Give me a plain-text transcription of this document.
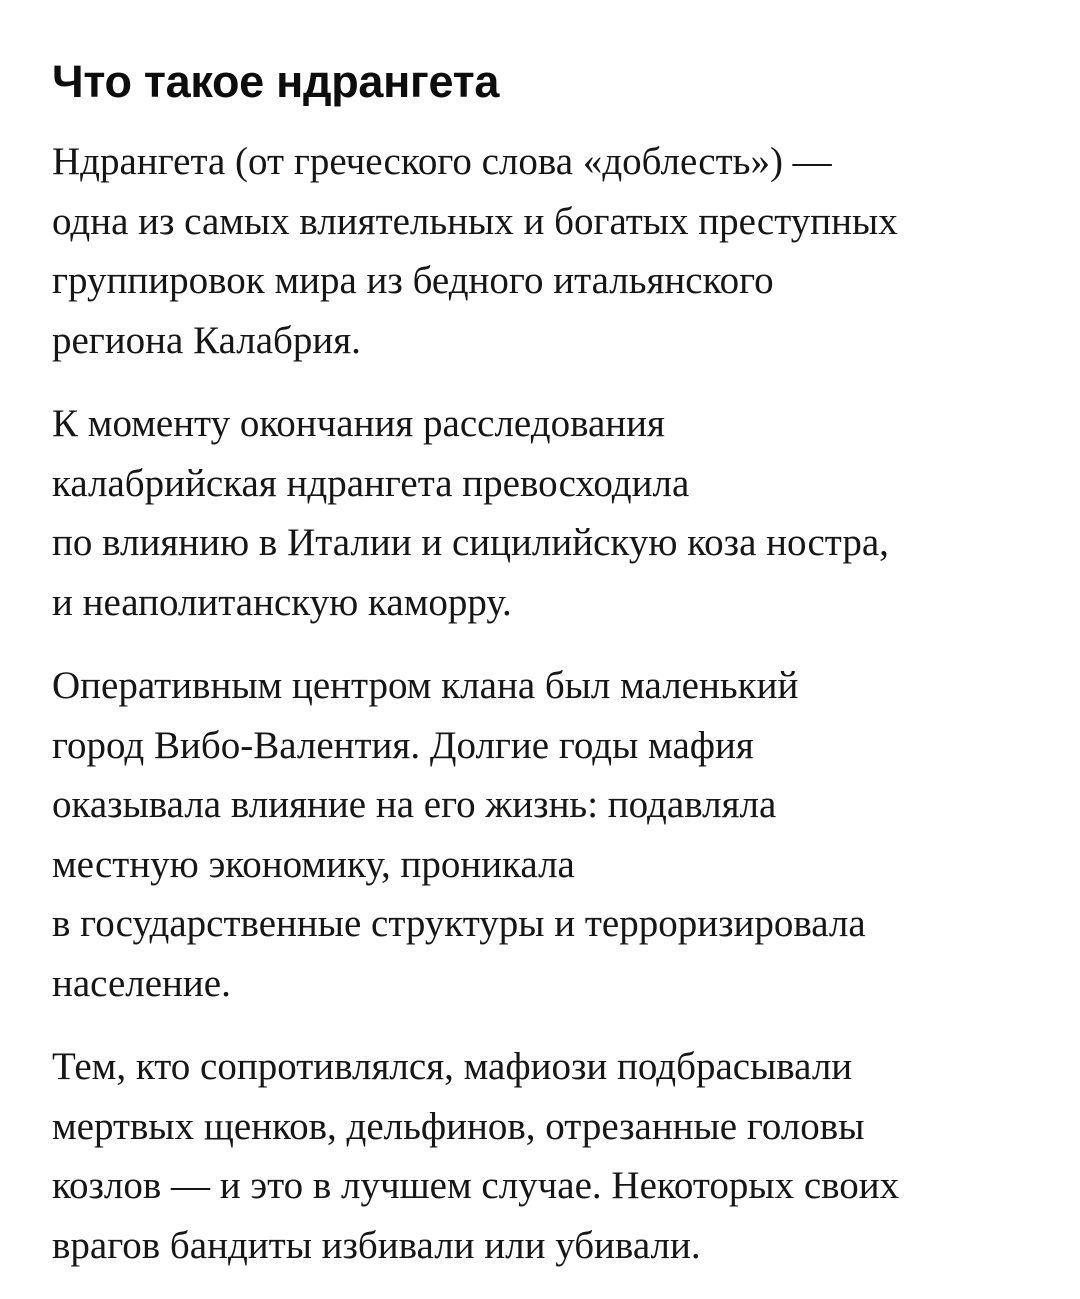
Что такое ндрангета

Ндрангета (от греческого слова «доблесть») —
одна из самых влиятельных и богатых преступных
группировок мира из бедного итальянского
региона Калабрия.

К моменту окончания расследования
калабрийская ндрангета превосходила
по влиянию в Италии и сицилийскую коза ностра,
и неаполитанскую каморру.

Оперативным центром клана был маленький
город Вибо-Валентия. Долгие годы мафия
оказывала влияние на его жизнь: подавляла
местную экономику, проникала
в государственные структуры и терроризировала
население.

Тем, кто сопротивлялся, мафиози подбрасывали
мертвых щенков, дельфинов, отрезанные головы
козлов — и это в лучшем случае. Некоторых своих
врагов бандиты избивали или убивали.
